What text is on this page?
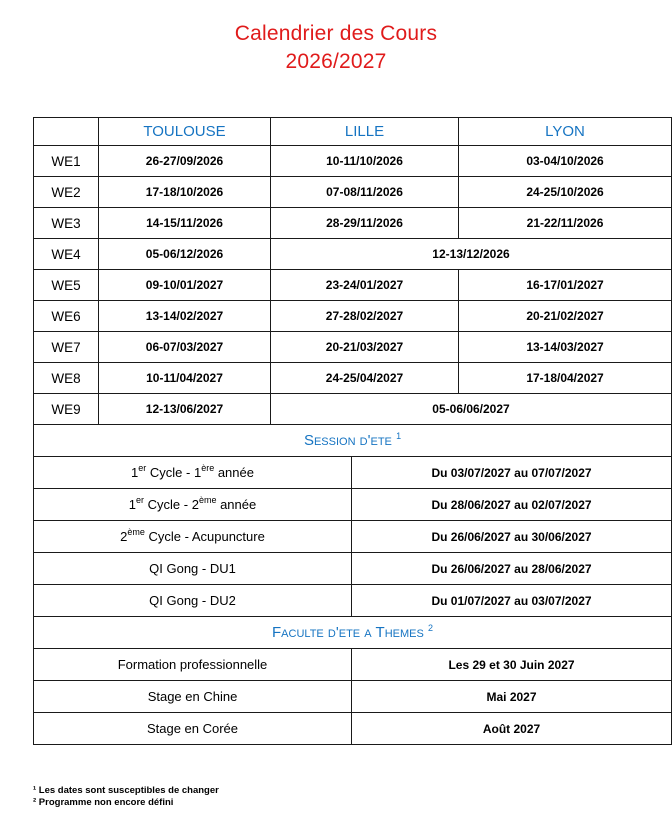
Calendrier des Cours
2026/2027
	TOULOUSE	LILLE		LYON
WE1	26-27/09/2026	10-11/10/2026		03-04/10/2026
WE2	17-18/10/2026	07-08/11/2026		24-25/10/2026
WE3	14-15/11/2026	28-29/11/2026		21-22/11/2026
WE4	05-06/12/2026	12-13/12/2026		
WE5	09-10/01/2027	23-24/01/2027		16-17/01/2027
WE6	13-14/02/2027	27-28/02/2027		20-21/02/2027
WE7	06-07/03/2027	20-21/03/2027		13-14/03/2027
WE8	10-11/04/2027	24-25/04/2027		17-18/04/2027
WE9	12-13/06/2027	05-06/06/2027		
Session d'ete $^1$
1er Cycle - 1ère année			Du 03/07/2027 au 07/07/2027	
1er Cycle - 2ème année			Du 28/06/2027 au 02/07/2027	
2ème Cycle - Acupuncture			Du 26/06/2027 au 30/06/2027	
QI Gong - DU1			Du 26/06/2027 au 28/06/2027	
QI Gong - DU2			Du 01/07/2027 au 03/07/2027	
Faculte d'ete a Themes $^2$
Formation professionnelle			Les 29 et 30 Juin 2027	
Stage en Chine			Mai 2027	
Stage en Corée			Août 2027	
¹ Les dates sont susceptibles de changer
² Programme non encore défini
